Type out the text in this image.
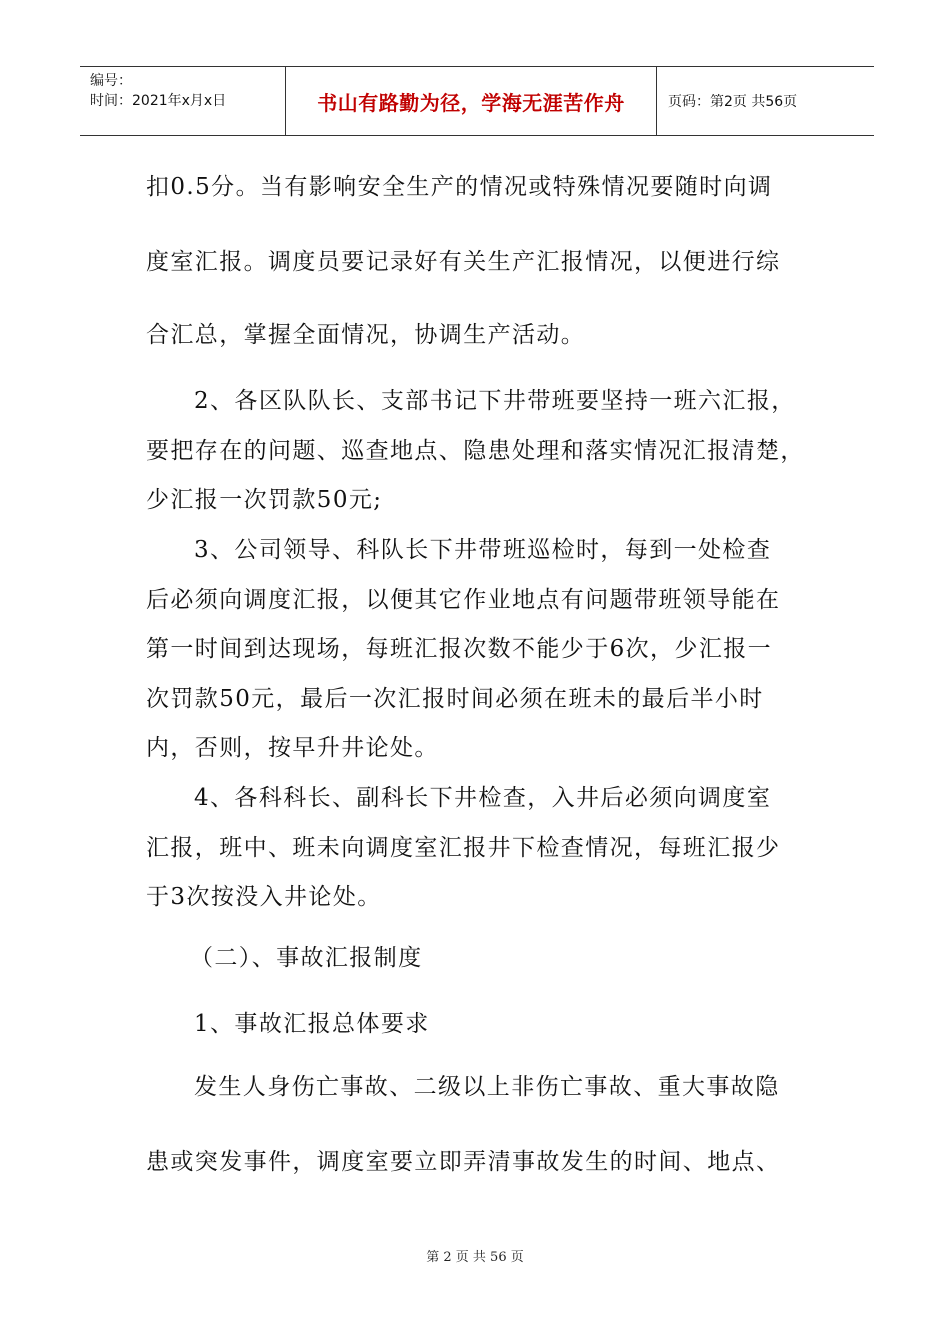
编号：
时间：2021年x月x日	书山有路勤为径，学海无涯苦作舟	页码：第2页 共56页
扣0.5分。当有影响安全生产的情况或特殊情况要随时向调
度室汇报。调度员要记录好有关生产汇报情况，以便进行综
合汇总，掌握全面情况，协调生产活动。
2、各区队队长、支部书记下井带班要坚持一班六汇报，
要把存在的问题、巡查地点、隐患处理和落实情况汇报清楚，
少汇报一次罚款50元;
3、公司领导、科队长下井带班巡检时，每到一处检查
后必须向调度汇报，以便其它作业地点有问题带班领导能在
第一时间到达现场，每班汇报次数不能少于6次，少汇报一
次罚款50元，最后一次汇报时间必须在班未的最后半小时
内，否则，按早升井论处。
4、各科科长、副科长下井检查，入井后必须向调度室
汇报，班中、班未向调度室汇报井下检查情况，每班汇报少
于3次按没入井论处。
（二）、事故汇报制度
1、事故汇报总体要求
发生人身伤亡事故、二级以上非伤亡事故、重大事故隐
患或突发事件，调度室要立即弄清事故发生的时间、地点、
第 2 页 共 56 页
